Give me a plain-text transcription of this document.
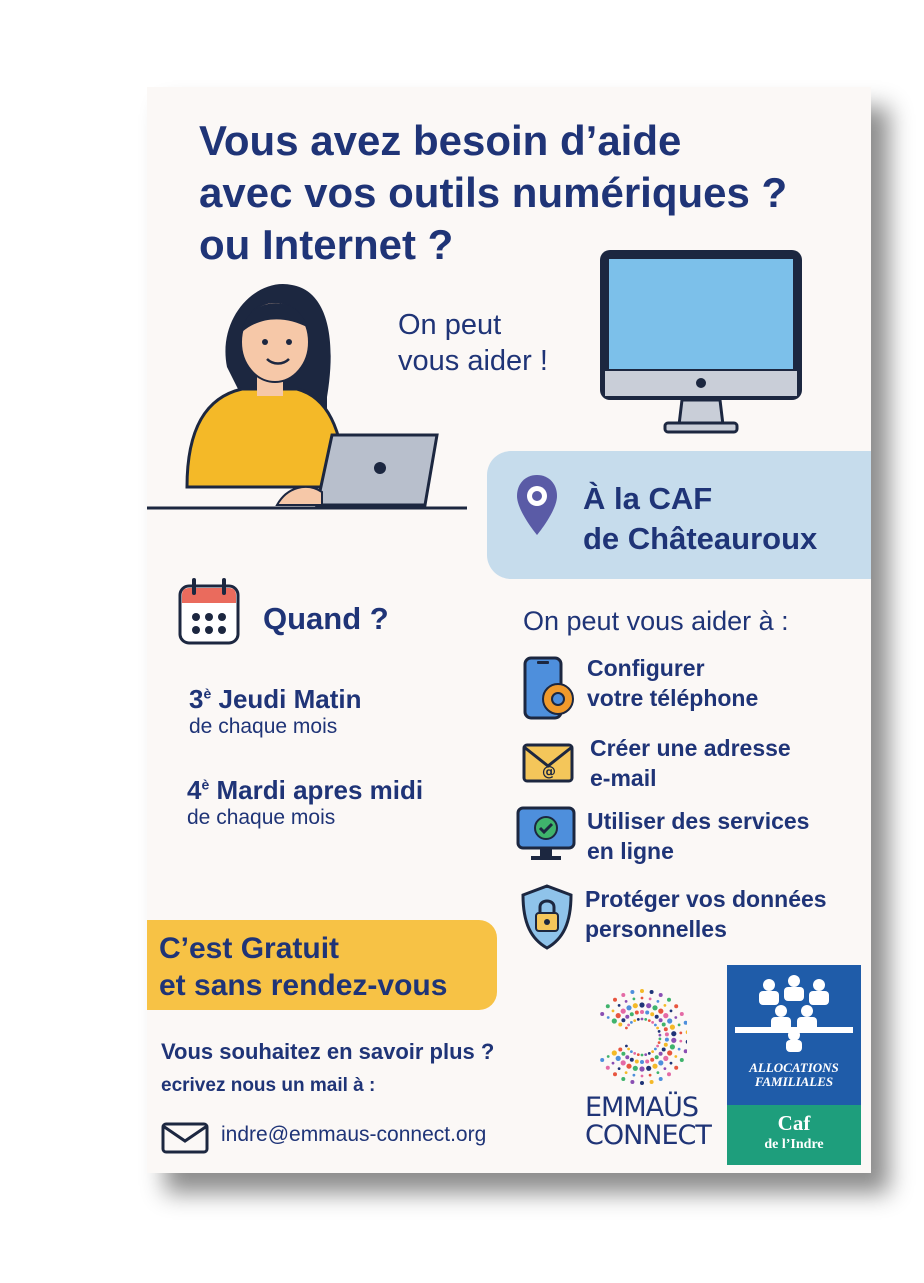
Vous avez besoin d’aide
avec vos outils numériques ?
ou Internet ?
On peut
vous aider !
À la CAF
de Châteauroux
Quand ?
$3^è$ Jeudi Matin
de chaque mois
$4^è$ Mardi apres midi
de chaque mois
On peut vous aider à :
Configurer
votre téléphone
@
Créer une adresse
e-mail
Utiliser des services
en ligne
Protéger vos données
personnelles
C’est Gratuit
et sans rendez-vous
Vous souhaitez en savoir plus ?
ecrivez nous un mail à :
indre@emmaus-connect.org
EMMAÜS
CONNECT
ALLOCATIONS
FAMILIALES
Caf
de l’Indre
